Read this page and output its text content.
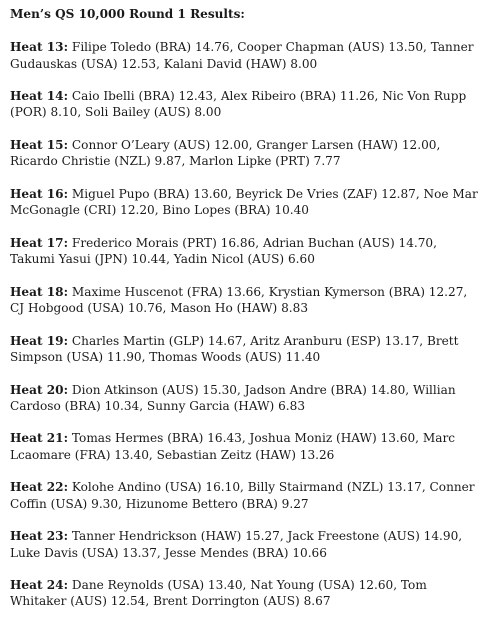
Men’s QS 10,000 Round 1 Results:
Heat 13: Filipe Toledo (BRA) 14.76, Cooper Chapman (AUS) 13.50, Tanner Gudauskas (USA) 12.53, Kalani David (HAW) 8.00
Heat 14: Caio Ibelli (BRA) 12.43, Alex Ribeiro (BRA) 11.26, Nic Von Rupp (POR) 8.10, Soli Bailey (AUS) 8.00
Heat 15: Connor O’Leary (AUS) 12.00, Granger Larsen (HAW) 12.00, Ricardo Christie (NZL) 9.87, Marlon Lipke (PRT) 7.77
Heat 16: Miguel Pupo (BRA) 13.60, Beyrick De Vries (ZAF) 12.87, Noe Mar McGonagle (CRI) 12.20, Bino Lopes (BRA) 10.40
Heat 17: Frederico Morais (PRT) 16.86, Adrian Buchan (AUS) 14.70, Takumi Yasui (JPN) 10.44, Yadin Nicol (AUS) 6.60
Heat 18: Maxime Huscenot (FRA) 13.66, Krystian Kymerson (BRA) 12.27, CJ Hobgood (USA) 10.76, Mason Ho (HAW) 8.83
Heat 19: Charles Martin (GLP) 14.67, Aritz Aranburu (ESP) 13.17, Brett Simpson (USA) 11.90, Thomas Woods (AUS) 11.40
Heat 20: Dion Atkinson (AUS) 15.30, Jadson Andre (BRA) 14.80, Willian Cardoso (BRA) 10.34, Sunny Garcia (HAW) 6.83
Heat 21: Tomas Hermes (BRA) 16.43, Joshua Moniz (HAW) 13.60, Marc Lcaomare (FRA) 13.40, Sebastian Zeitz (HAW) 13.26
Heat 22: Kolohe Andino (USA) 16.10, Billy Stairmand (NZL) 13.17, Conner Coffin (USA) 9.30, Hizunome Bettero (BRA) 9.27
Heat 23: Tanner Hendrickson (HAW) 15.27, Jack Freestone (AUS) 14.90, Luke Davis (USA) 13.37, Jesse Mendes (BRA) 10.66
Heat 24: Dane Reynolds (USA) 13.40, Nat Young (USA) 12.60, Tom Whitaker (AUS) 12.54, Brent Dorrington (AUS) 8.67
